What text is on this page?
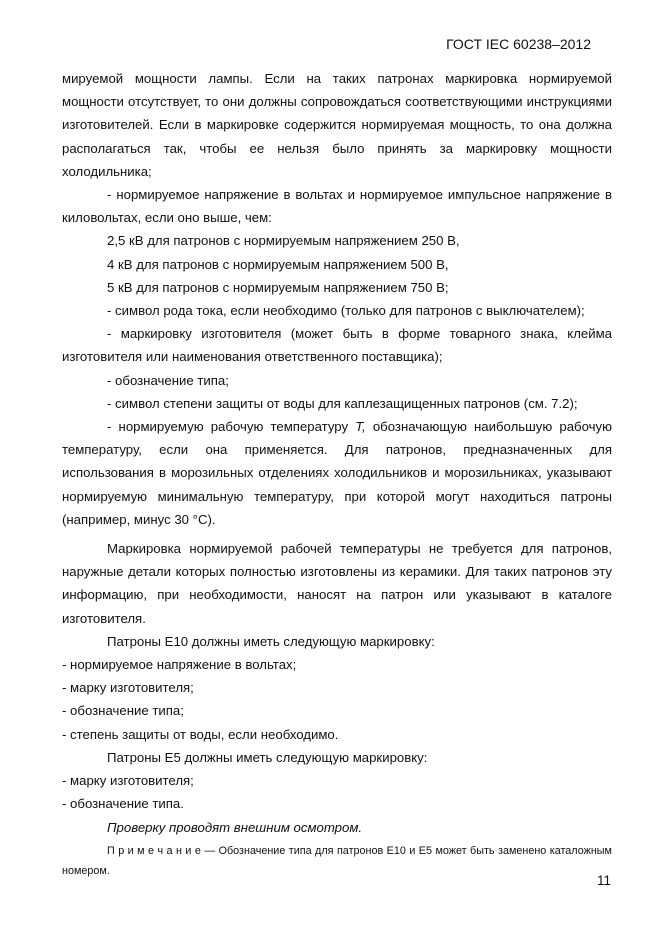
ГОСТ IEC 60238–2012

мируемой мощности лампы. Если на таких патронах маркировка нормируемой мощности отсутствует, то они должны сопровождаться соответствующими инструкциями изготовителей. Если в маркировке содержится нормируемая мощность, то она должна располагаться так, чтобы ее нельзя было принять за маркировку мощности холодильника;

- нормируемое напряжение в вольтах и нормируемое импульсное напряжение в киловольтах, если оно выше, чем:

2,5 кВ для патронов с нормируемым напряжением 250 В,

4 кВ для патронов с нормируемым напряжением 500 В,

5 кВ для патронов с нормируемым напряжением 750 В;

- символ рода тока, если необходимо (только для патронов с выключателем);

- маркировку изготовителя (может быть в форме товарного знака, клейма изготовителя или наименования ответственного поставщика);

- обозначение типа;

- символ степени защиты от воды для каплезащищенных патронов (см. 7.2);

- нормируемую рабочую температуру T, обозначающую наибольшую рабочую температуру, если она применяется. Для патронов, предназначенных для использования в морозильных отделениях холодильников и морозильниках, указывают нормируемую минимальную температуру, при которой могут находиться патроны (например, минус 30 °С).

Маркировка нормируемой рабочей температуры не требуется для патронов, наружные детали которых полностью изготовлены из керамики. Для таких патронов эту информацию, при необходимости, наносят на патрон или указывают в каталоге изготовителя.

Патроны Е10 должны иметь следующую маркировку:

- нормируемое напряжение в вольтах;

- марку изготовителя;

- обозначение типа;

- степень защиты от воды, если необходимо.

Патроны Е5 должны иметь следующую маркировку:

- марку изготовителя;

- обозначение типа.

Проверку проводят внешним осмотром.

П р и м е ч а н и е — Обозначение типа для патронов Е10 и Е5 может быть заменено каталожным номером.

11
